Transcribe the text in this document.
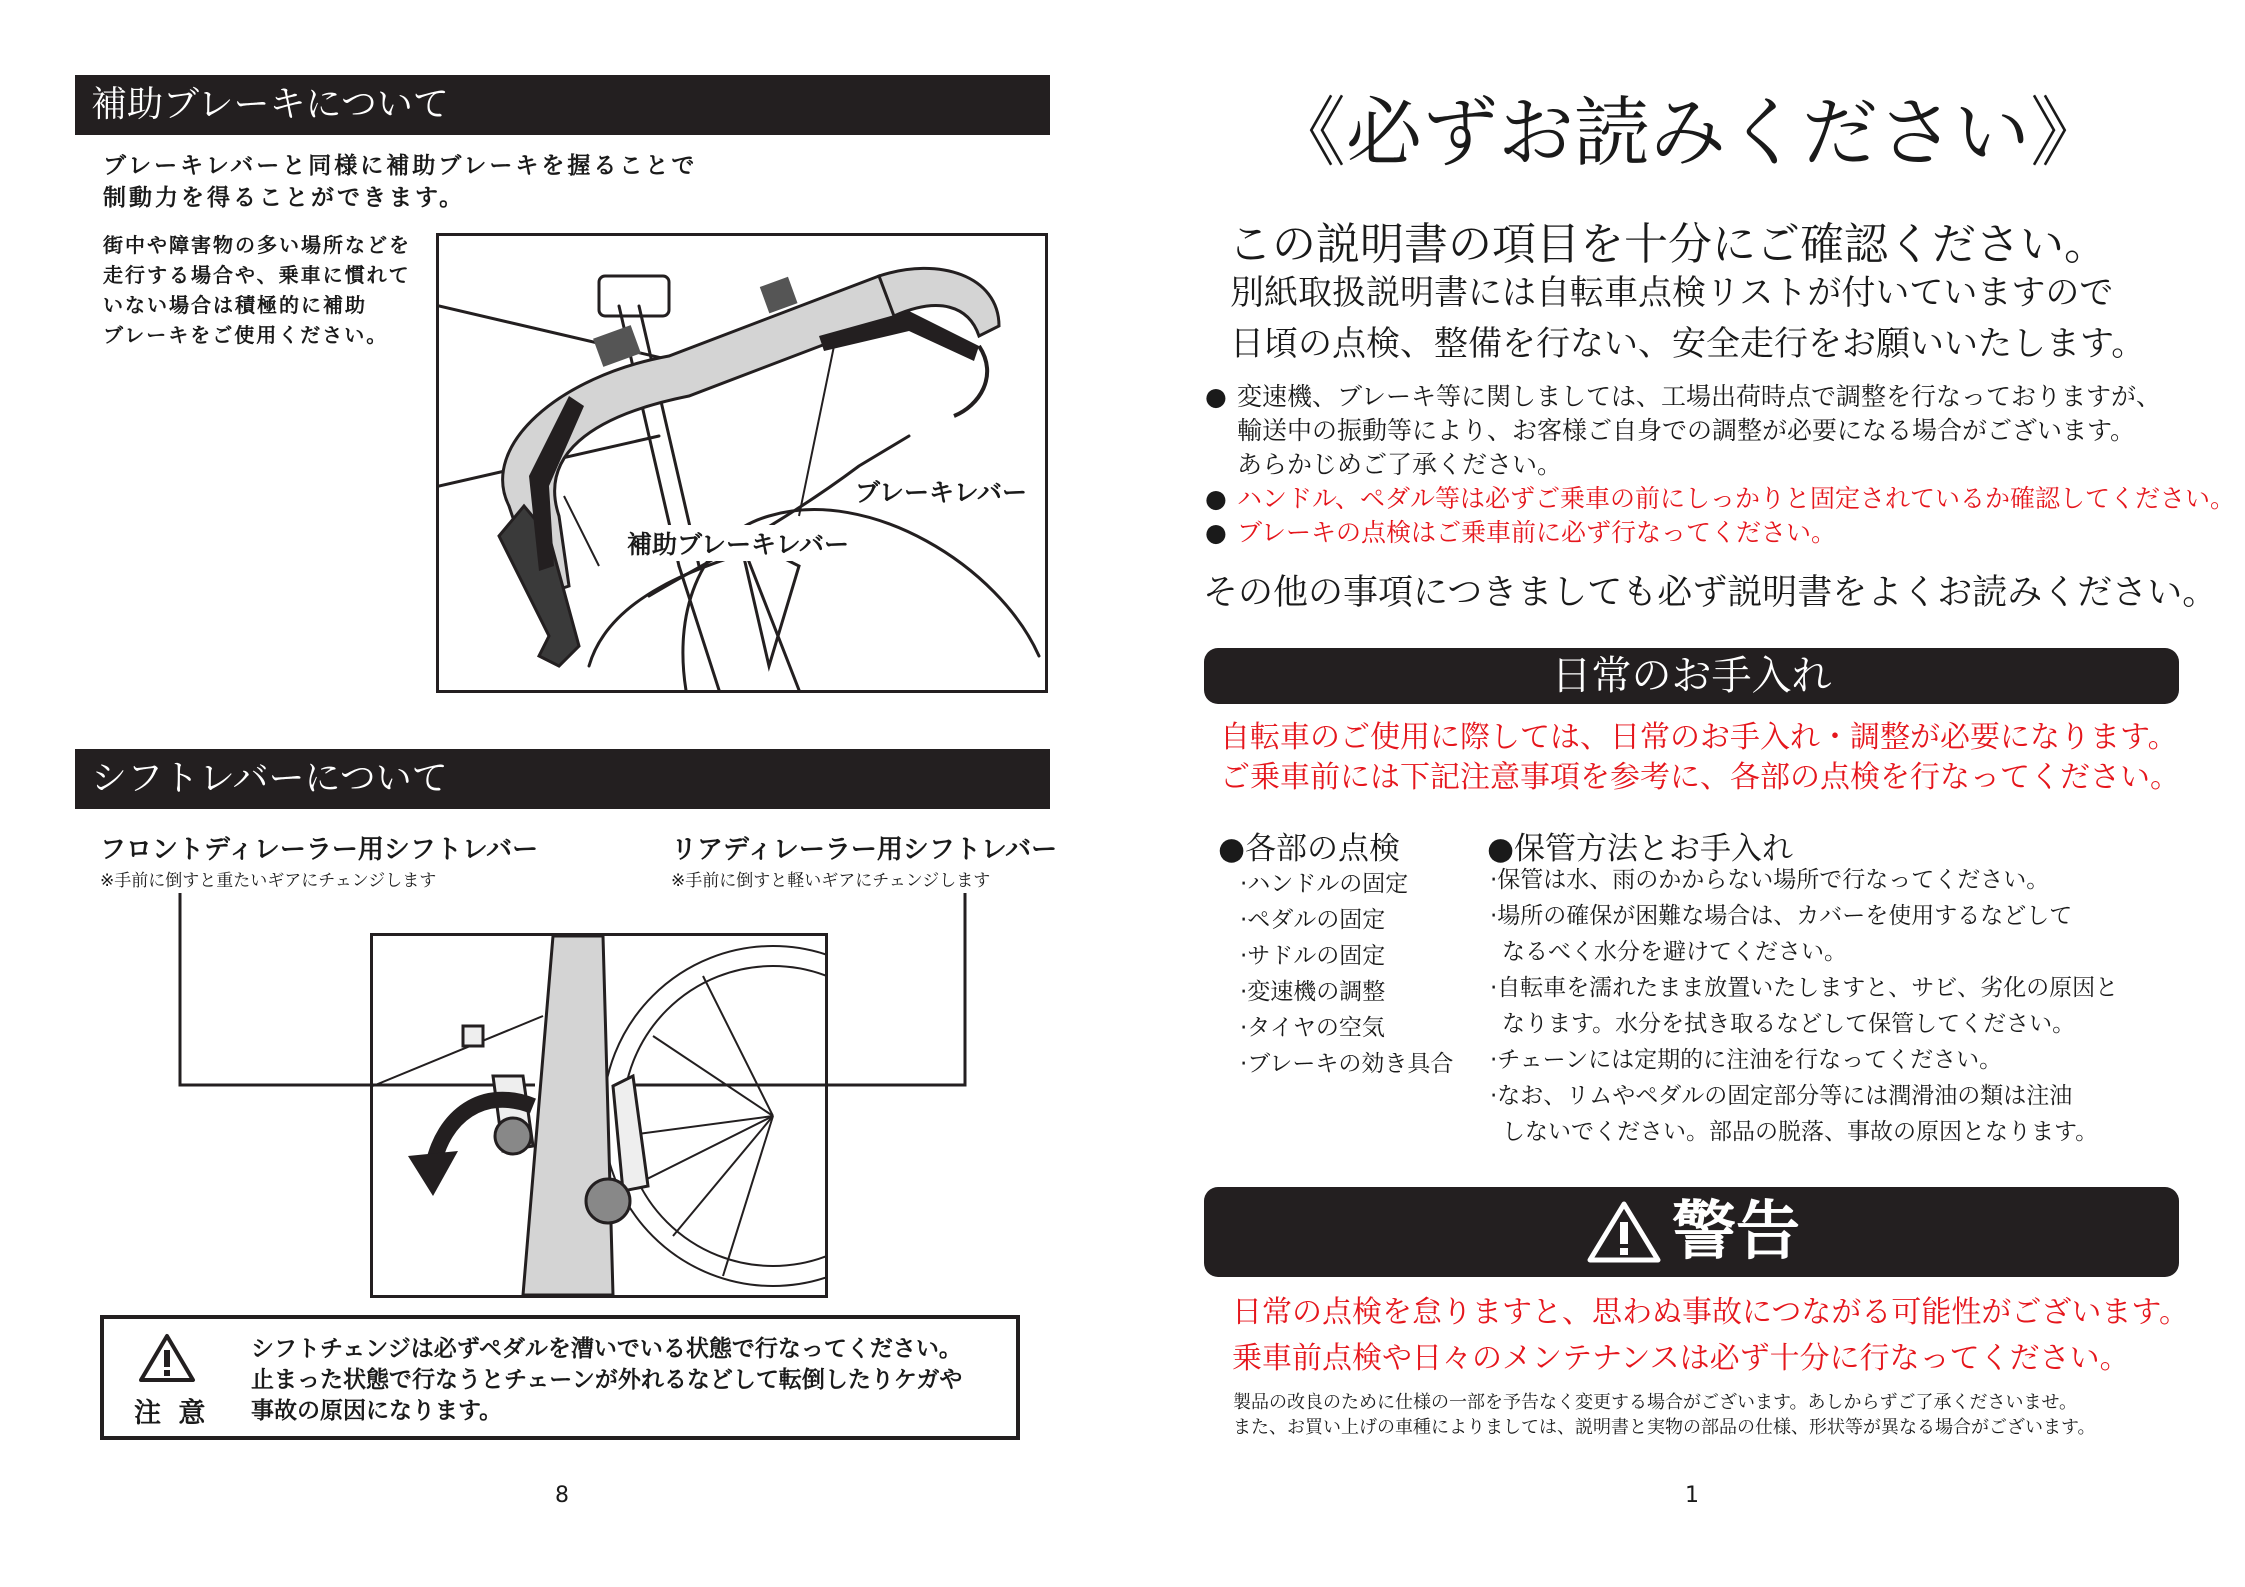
補助ブレーキについて
ブレーキレバーと同様に補助ブレーキを握ることで
制動力を得ることができます。
街中や障害物の多い場所などを
走行する場合や、乗車に慣れて
いない場合は積極的に補助
ブレーキをご使用ください。
ブレーキレバー
補助ブレーキレバー
シフトレバーについて
フロントディレーラー用シフトレバー
※手前に倒すと重たいギアにチェンジします
リアディレーラー用シフトレバー
※手前に倒すと軽いギアにチェンジします
注 意
シフトチェンジは必ずペダルを漕いでいる状態で行なってください。
止まった状態で行なうとチェーンが外れるなどして転倒したりケガや
事故の原因になります。
8
《必ずお読みください》
この説明書の項目を十分にご確認ください。
別紙取扱説明書には自転車点検リストが付いていますので
日頃の点検、整備を行ない、安全走行をお願いいたします。
● 変速機、ブレーキ等に関しましては、工場出荷時点で調整を行なっておりますが、
輸送中の振動等により、お客様ご自身での調整が必要になる場合がございます。
あらかじめご了承ください。
● ハンドル、ペダル等は必ずご乗車の前にしっかりと固定されているか確認してください。
● ブレーキの点検はご乗車前に必ず行なってください。
その他の事項につきましても必ず説明書をよくお読みください。
日常のお手入れ
自転車のご使用に際しては、日常のお手入れ・調整が必要になります。
ご乗車前には下記注意事項を参考に、各部の点検を行なってください。
●各部の点検
·ハンドルの固定
·ペダルの固定
·サドルの固定
·変速機の調整
·タイヤの空気
·ブレーキの効き具合
●保管方法とお手入れ
·保管は水、雨のかからない場所で行なってください。
·場所の確保が困難な場合は、カバーを使用するなどして
なるべく水分を避けてください。
·自転車を濡れたまま放置いたしますと、サビ、劣化の原因と
なります。水分を拭き取るなどして保管してください。
·チェーンには定期的に注油を行なってください。
·なお、リムやペダルの固定部分等には潤滑油の類は注油
しないでください。部品の脱落、事故の原因となります。
警告
日常の点検を怠りますと、思わぬ事故につながる可能性がございます。
乗車前点検や日々のメンテナンスは必ず十分に行なってください。
製品の改良のために仕様の一部を予告なく変更する場合がございます。あしからずご了承くださいませ。
また、お買い上げの車種によりましては、説明書と実物の部品の仕様、形状等が異なる場合がございます。
1
